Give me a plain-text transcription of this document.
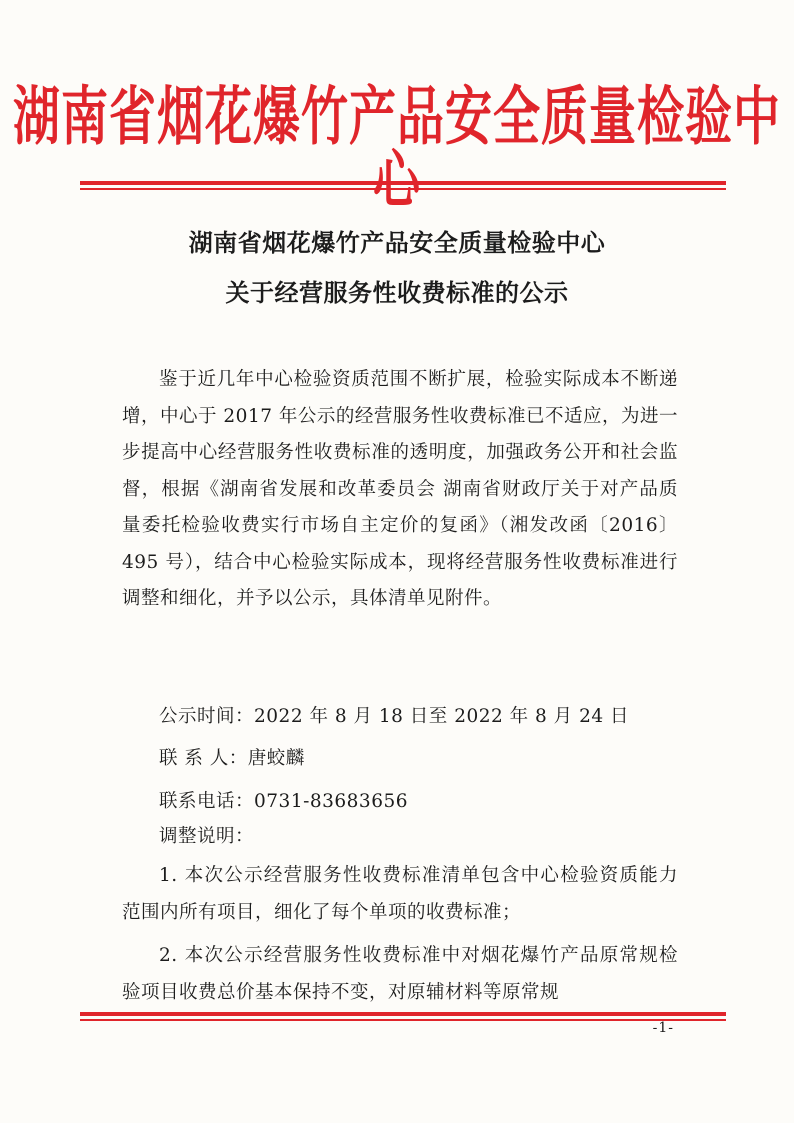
湖南省烟花爆竹产品安全质量检验中心
湖南省烟花爆竹产品安全质量检验中心
关于经营服务性收费标准的公示

鉴于近几年中心检验资质范围不断扩展，检验实际成本不断递增，中心于 2017 年公示的经营服务性收费标准已不适应，为进一步提高中心经营服务性收费标准的透明度，加强政务公开和社会监督，根据《湖南省发展和改革委员会 湖南省财政厅关于对产品质量委托检验收费实行市场自主定价的复函》（湘发改函〔2016〕495 号），结合中心检验实际成本，现将经营服务性收费标准进行调整和细化，并予以公示，具体清单见附件。

公示时间：2022 年 8 月 18 日至 2022 年 8 月 24 日

联 系 人：唐蛟麟

联系电话：0731-83683656

调整说明：

1. 本次公示经营服务性收费标准清单包含中心检验资质能力范围内所有项目，细化了每个单项的收费标准；

2. 本次公示经营服务性收费标准中对烟花爆竹产品原常规检验项目收费总价基本保持不变，对原辅材料等原常规

-1-
